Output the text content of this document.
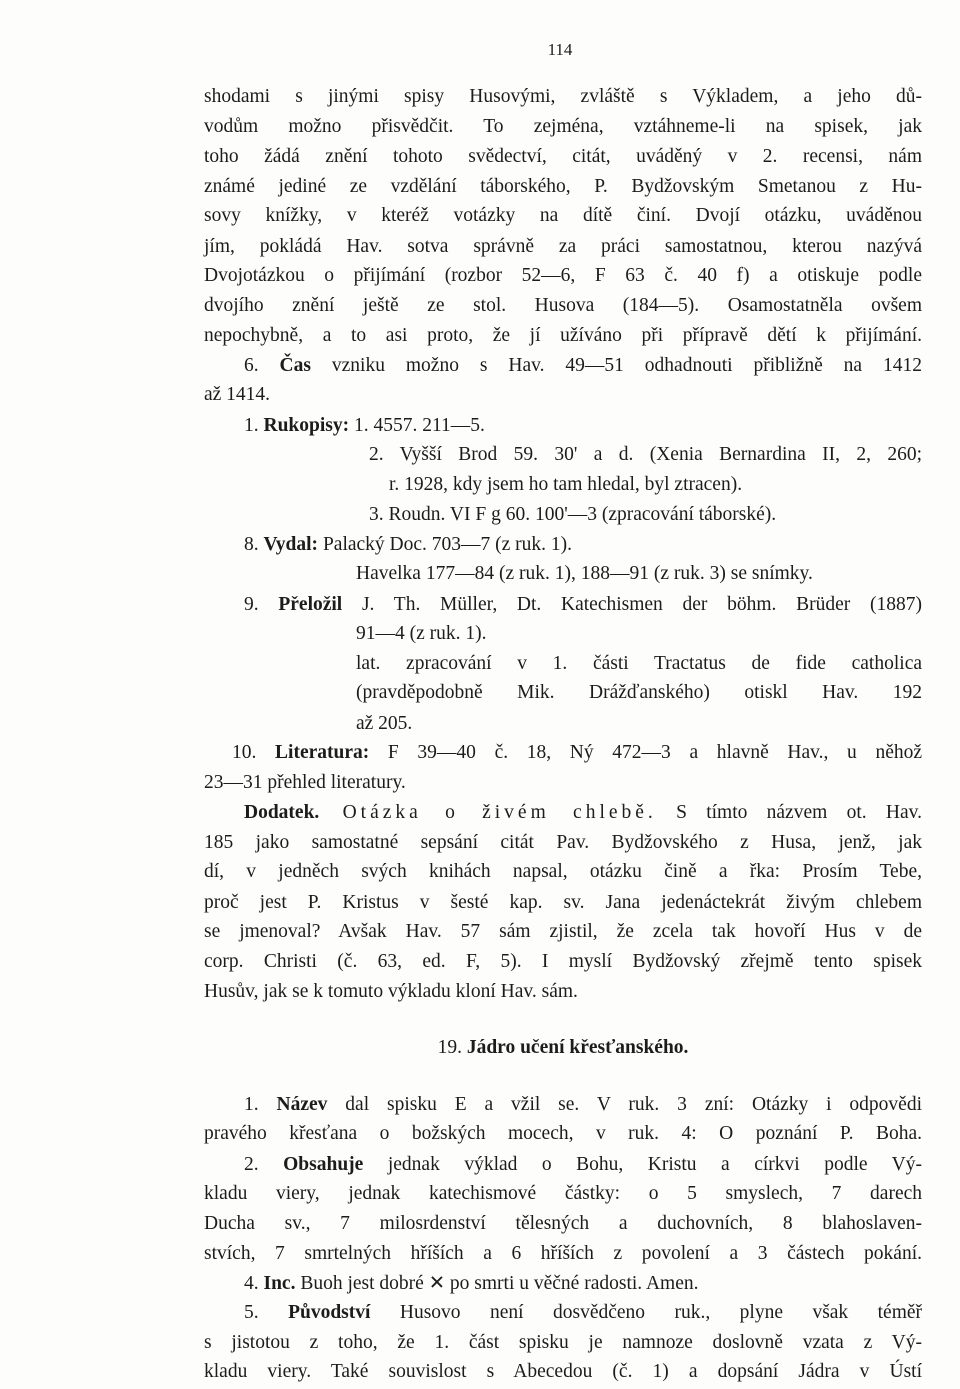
114
shodami s jinými spisy Husovými, zvláště s Výkladem, a jeho dů-
vodům možno přisvědčit. To zejména, vztáhneme-li na spisek, jak
toho žádá znění tohoto svědectví, citát, uváděný v 2. recensi, nám
známé jediné ze vzdělání táborského, P. Bydžovským Smetanou z Hu-
sovy knížky, v kteréž votázky na dítě činí. Dvojí otázku, uváděnou
jím, pokládá Hav. sotva správně za práci samostatnou, kterou nazývá
Dvojotázkou o přijímání (rozbor 52—6, F 63 č. 40 f) a otiskuje podle
dvojího znění ještě ze stol. Husova (184—5). Osamostatněla ovšem
nepochybně, a to asi proto, že jí užíváno při přípravě dětí k přijímání.
6. Čas vzniku možno s Hav. 49—51 odhadnouti přibližně na 1412
až 1414.
1. Rukopisy: 1. 4557. 211—5.
2. Vyšší Brod 59. 30' a d. (Xenia Bernardina II, 2, 260;
r. 1928, kdy jsem ho tam hledal, byl ztracen).
3. Roudn. VI F g 60. 100'—3 (zpracování táborské).
8. Vydal: Palacký Doc. 703—7 (z ruk. 1).
Havelka 177—84 (z ruk. 1), 188—91 (z ruk. 3) se snímky.
9. Přeložil J. Th. Müller, Dt. Katechismen der böhm. Brüder (1887)
91—4 (z ruk. 1).
lat. zpracování v 1. části Tractatus de fide catholica
(pravděpodobně Mik. Drážďanského) otiskl Hav. 192
až 205.
10. Literatura: F 39—40 č. 18, Ný 472—3 a hlavně Hav., u něhož
23—31 přehled literatury.
Dodatek. Otázka o živém chlebě. S tímto názvem ot. Hav.
185 jako samostatné sepsání citát Pav. Bydžovského z Husa, jenž, jak
dí, v jedněch svých knihách napsal, otázku čině a řka: Prosím Tebe,
proč jest P. Kristus v šesté kap. sv. Jana jedenáctekrát živým chlebem
se jmenoval? Avšak Hav. 57 sám zjistil, že zcela tak hovoří Hus v de
corp. Christi (č. 63, ed. F, 5). I myslí Bydžovský zřejmě tento spisek
Husův, jak se k tomuto výkladu kloní Hav. sám.
19. Jádro učení křesťanského.
1. Název dal spisku E a vžil se. V ruk. 3 zní: Otázky i odpovědi
pravého křesťana o božských mocech, v ruk. 4: O poznání P. Boha.
2. Obsahuje jednak výklad o Bohu, Kristu a církvi podle Vý-
kladu viery, jednak katechismové částky: o 5 smyslech, 7 darech
Ducha sv., 7 milosrdenství tělesných a duchovních, 8 blahoslaven-
stvích, 7 smrtelných hříších a 6 hříších z povolení a 3 částech pokání.
4. Inc. Buoh jest dobré ✕ po smrti u věčné radosti. Amen.
5. Původství Husovo není dosvědčeno ruk., plyne však téměř
s jistotou z toho, že 1. část spisku je namnoze doslovně vzata z Vý-
kladu viery. Také souvislost s Abecedou (č. 1) a dopsání Jádra v Ústí
